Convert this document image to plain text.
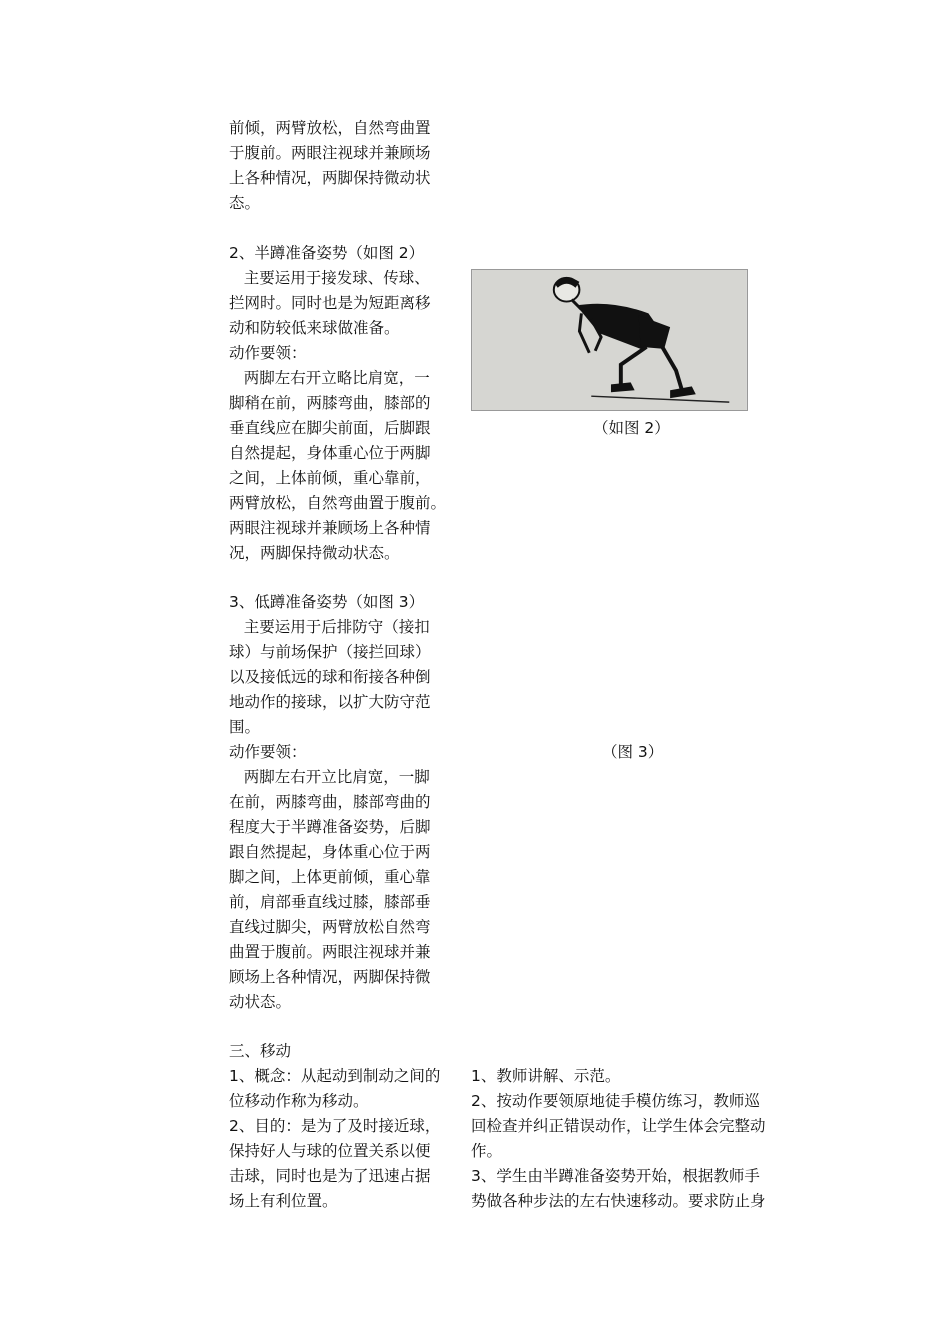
前倾，两臂放松，自然弯曲置

于腹前。两眼注视球并兼顾场

上各种情况，两脚保持微动状

态。

2、半蹲准备姿势（如图 2）

主要运用于接发球、传球、

拦网时。同时也是为短距离移

动和防较低来球做准备。

动作要领：

两脚左右开立略比肩宽，一

脚稍在前，两膝弯曲，膝部的

垂直线应在脚尖前面，后脚跟

自然提起，身体重心位于两脚

之间，上体前倾，重心靠前，

两臂放松，自然弯曲置于腹前。

两眼注视球并兼顾场上各种情

况，两脚保持微动状态。

（如图 2）

3、低蹲准备姿势（如图 3）

主要运用于后排防守（接扣

球）与前场保护（接拦回球）

以及接低远的球和衔接各种倒

地动作的接球，以扩大防守范

围。

动作要领：

两脚左右开立比肩宽，一脚

在前，两膝弯曲，膝部弯曲的

程度大于半蹲准备姿势，后脚

跟自然提起，身体重心位于两

脚之间，上体更前倾，重心靠

前，肩部垂直线过膝，膝部垂

直线过脚尖，两臂放松自然弯

曲置于腹前。两眼注视球并兼

顾场上各种情况，两脚保持微

动状态。

（图 3）

三、移动

1、概念：从起动到制动之间的

位移动作称为移动。

2、目的：是为了及时接近球，

保持好人与球的位置关系以便

击球，同时也是为了迅速占据

场上有利位置。

1、教师讲解、示范。

2、按动作要领原地徒手模仿练习，教师巡

回检查并纠正错误动作，让学生体会完整动

作。

3、学生由半蹲准备姿势开始，根据教师手

势做各种步法的左右快速移动。要求防止身
